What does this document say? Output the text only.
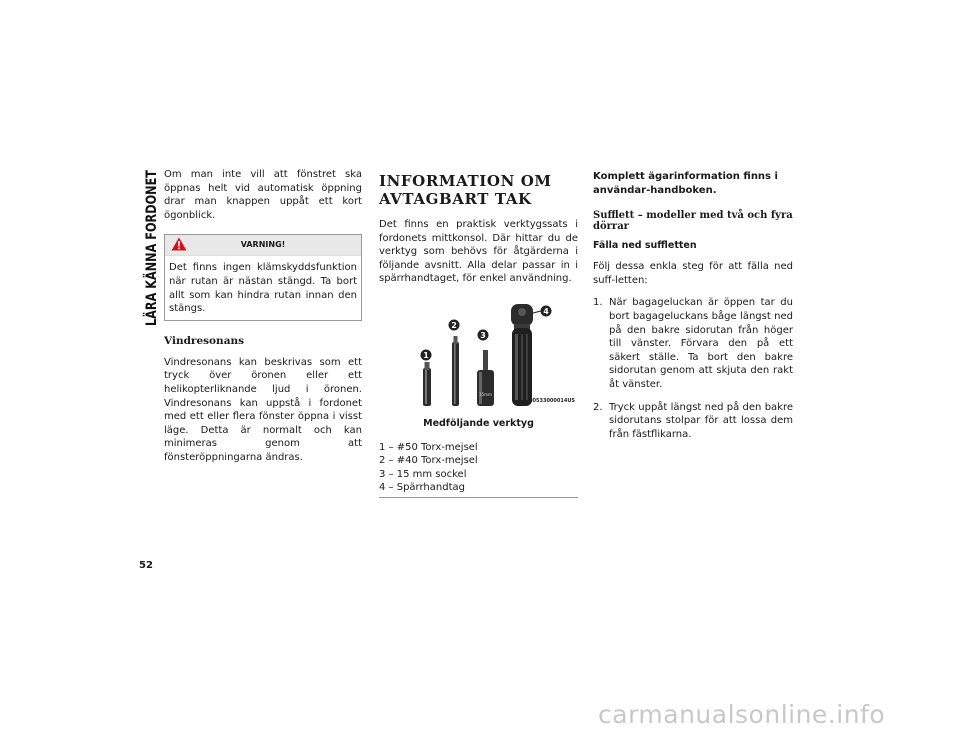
LÄRA KÄNNA FORDONET Om man inte vill att fönstret ska öppnas helt vid automatisk öppning drar man knappen uppåt ett kort ögonblick.

VARNING!

Det finns ingen klämskyddsfunktion när rutan är nästan stängd. Ta bort allt som kan hindra rutan innan den stängs.

Vindresonans

Vindresonans kan beskrivas som ett tryck över öronen eller ett helikopterliknande ljud i öronen. Vindresonans kan uppstå i fordonet med ett eller flera fönster öppna i visst läge. Detta är normalt och kan minimeras genom att fönsteröppningarna ändras.

INFORMATION OM AVTAGBART TAK

Det finns en praktisk verktygssats i fordonets mittkonsol. Där hittar du de verktyg som behövs för åtgärderna i följande avsnitt. Alla delar passar in i spärrhandtaget, för enkel användning.

15mm
1
2
3
4
M0533000014US
Medföljande verktyg
1 – #50 Torx-mejsel
2 – #40 Torx-mejsel
3 – 15 mm sockel
4 – Spärrhandtag

Komplett ägarinformation finns i användar-handboken.

Sufflett – modeller med två och fyra dörrar
Fälla ned suffletten

Följ dessa enkla steg för att fälla ned suff-letten:

1. När bagageluckan är öppen tar du bort bagageluckans båge längst ned på den bakre sidorutan från höger till vänster. Förvara den på ett säkert ställe. Ta bort den bakre sidorutan genom att skjuta den rakt åt vänster.
2. Tryck uppåt längst ned på den bakre sidorutans stolpar för att lossa dem från fästflikarna.
52
carmanualsonline.info
